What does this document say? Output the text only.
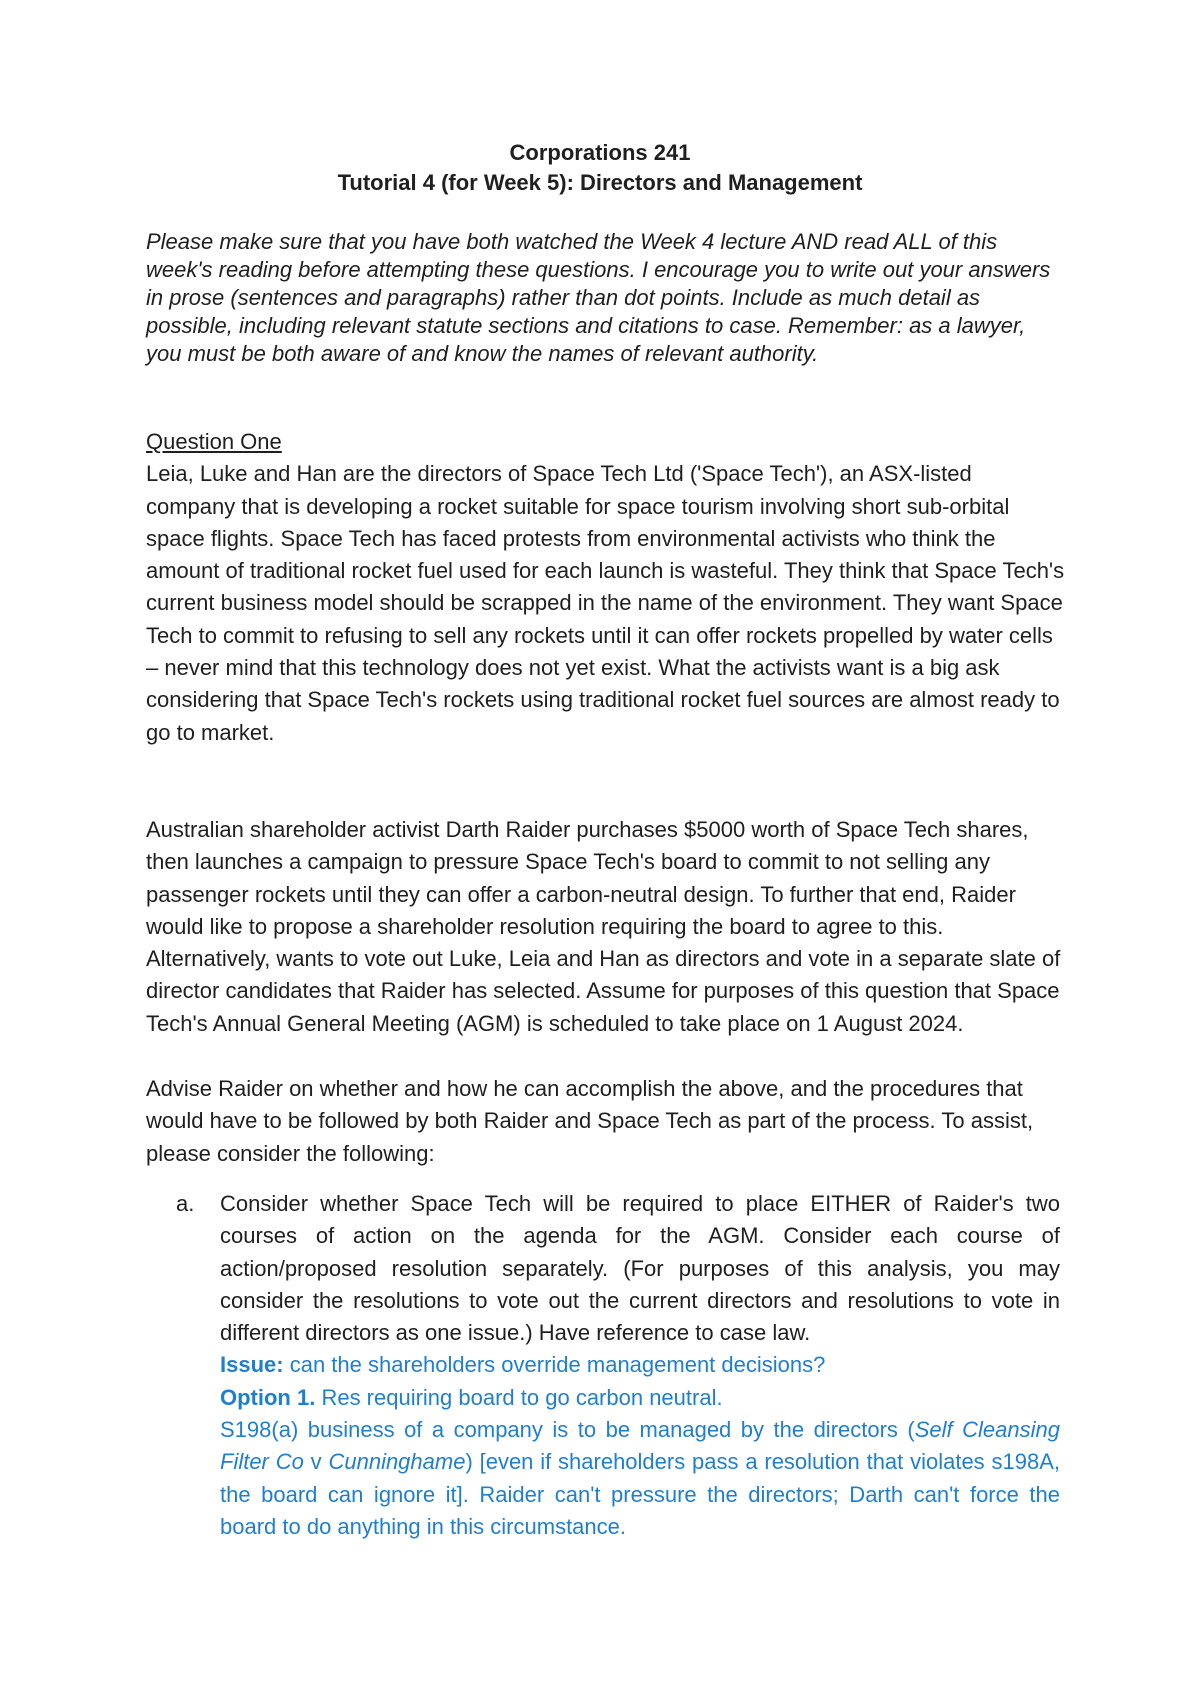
Corporations 241
Tutorial 4 (for Week 5): Directors and Management

Please make sure that you have both watched the Week 4 lecture AND read ALL of this week's reading before attempting these questions. I encourage you to write out your answers in prose (sentences and paragraphs) rather than dot points. Include as much detail as possible, including relevant statute sections and citations to case. Remember: as a lawyer, you must be both aware of and know the names of relevant authority.

Question One

Leia, Luke and Han are the directors of Space Tech Ltd ('Space Tech'), an ASX-listed company that is developing a rocket suitable for space tourism involving short sub-orbital space flights. Space Tech has faced protests from environmental activists who think the amount of traditional rocket fuel used for each launch is wasteful. They think that Space Tech's current business model should be scrapped in the name of the environment. They want Space Tech to commit to refusing to sell any rockets until it can offer rockets propelled by water cells – never mind that this technology does not yet exist. What the activists want is a big ask considering that Space Tech's rockets using traditional rocket fuel sources are almost ready to go to market.

Australian shareholder activist Darth Raider purchases $5000 worth of Space Tech shares, then launches a campaign to pressure Space Tech's board to commit to not selling any passenger rockets until they can offer a carbon-neutral design. To further that end, Raider would like to propose a shareholder resolution requiring the board to agree to this. Alternatively, wants to vote out Luke, Leia and Han as directors and vote in a separate slate of director candidates that Raider has selected. Assume for purposes of this question that Space Tech's Annual General Meeting (AGM) is scheduled to take place on 1 August 2024.

Advise Raider on whether and how he can accomplish the above, and the procedures that would have to be followed by both Raider and Space Tech as part of the process. To assist, please consider the following:

a. Consider whether Space Tech will be required to place EITHER of Raider's two courses of action on the agenda for the AGM. Consider each course of action/proposed resolution separately. (For purposes of this analysis, you may consider the resolutions to vote out the current directors and resolutions to vote in different directors as one issue.) Have reference to case law.
Issue: can the shareholders override management decisions?
Option 1. Res requiring board to go carbon neutral.
S198(a) business of a company is to be managed by the directors (Self Cleansing Filter Co v Cunninghame) [even if shareholders pass a resolution that violates s198A, the board can ignore it]. Raider can't pressure the directors; Darth can't force the board to do anything in this circumstance.
